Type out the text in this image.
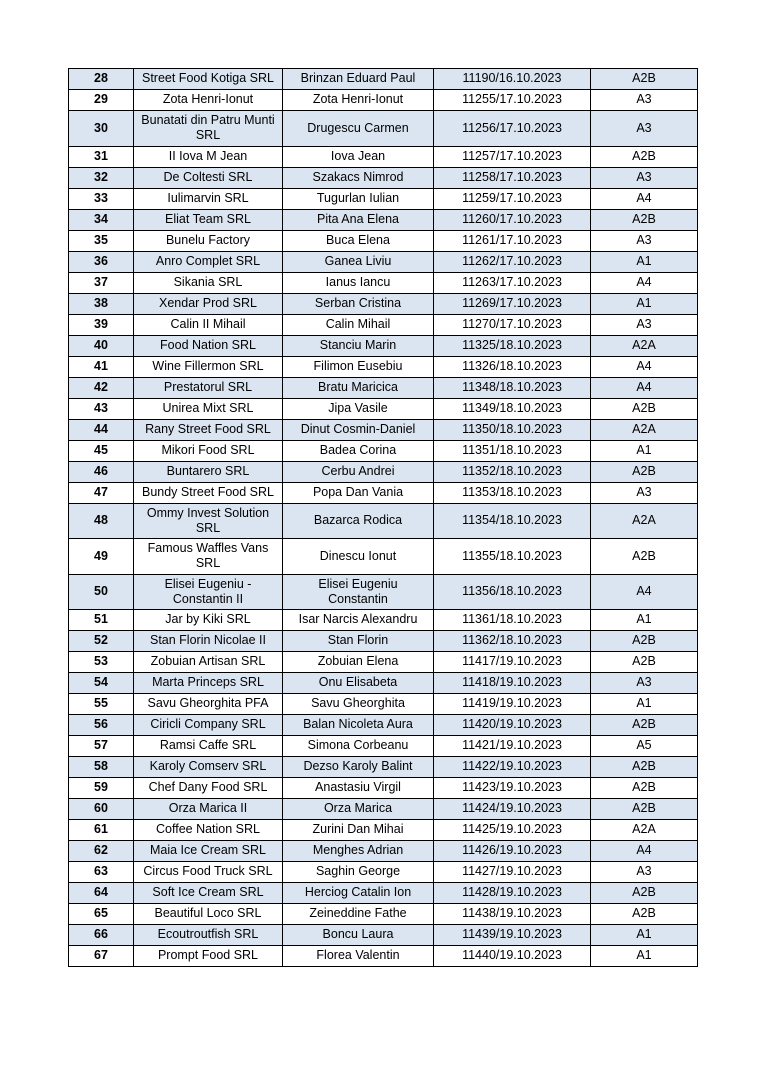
28	Street Food Kotiga SRL	Brinzan Eduard Paul	11190/16.10.2023	A2B
29	Zota Henri-Ionut	Zota Henri-Ionut	11255/17.10.2023	A3
30	Bunatati din Patru Munti SRL	Drugescu Carmen	11256/17.10.2023	A3
31	II Iova M Jean	Iova Jean	11257/17.10.2023	A2B
32	De Coltesti SRL	Szakacs Nimrod	11258/17.10.2023	A3
33	Iulimarvin SRL	Tugurlan Iulian	11259/17.10.2023	A4
34	Eliat Team SRL	Pita Ana Elena	11260/17.10.2023	A2B
35	Bunelu Factory	Buca Elena	11261/17.10.2023	A3
36	Anro Complet SRL	Ganea Liviu	11262/17.10.2023	A1
37	Sikania SRL	Ianus Iancu	11263/17.10.2023	A4
38	Xendar Prod SRL	Serban Cristina	11269/17.10.2023	A1
39	Calin II Mihail	Calin Mihail	11270/17.10.2023	A3
40	Food Nation SRL	Stanciu Marin	11325/18.10.2023	A2A
41	Wine Fillermon SRL	Filimon Eusebiu	11326/18.10.2023	A4
42	Prestatorul SRL	Bratu Maricica	11348/18.10.2023	A4
43	Unirea Mixt SRL	Jipa Vasile	11349/18.10.2023	A2B
44	Rany Street Food SRL	Dinut Cosmin-Daniel	11350/18.10.2023	A2A
45	Mikori Food SRL	Badea Corina	11351/18.10.2023	A1
46	Buntarero SRL	Cerbu Andrei	11352/18.10.2023	A2B
47	Bundy Street Food SRL	Popa Dan Vania	11353/18.10.2023	A3
48	Ommy Invest Solution SRL	Bazarca Rodica	11354/18.10.2023	A2A
49	Famous Waffles Vans SRL	Dinescu Ionut	11355/18.10.2023	A2B
50	Elisei Eugeniu - Constantin II	Elisei Eugeniu Constantin	11356/18.10.2023	A4
51	Jar by Kiki SRL	Isar Narcis Alexandru	11361/18.10.2023	A1
52	Stan Florin Nicolae II	Stan Florin	11362/18.10.2023	A2B
53	Zobuian Artisan SRL	Zobuian Elena	11417/19.10.2023	A2B
54	Marta Princeps SRL	Onu Elisabeta	11418/19.10.2023	A3
55	Savu Gheorghita PFA	Savu Gheorghita	11419/19.10.2023	A1
56	Ciricli Company SRL	Balan Nicoleta Aura	11420/19.10.2023	A2B
57	Ramsi Caffe SRL	Simona Corbeanu	11421/19.10.2023	A5
58	Karoly Comserv SRL	Dezso Karoly Balint	11422/19.10.2023	A2B
59	Chef Dany Food SRL	Anastasiu Virgil	11423/19.10.2023	A2B
60	Orza Marica II	Orza Marica	11424/19.10.2023	A2B
61	Coffee Nation SRL	Zurini Dan Mihai	11425/19.10.2023	A2A
62	Maia Ice Cream SRL	Menghes Adrian	11426/19.10.2023	A4
63	Circus Food Truck SRL	Saghin George	11427/19.10.2023	A3
64	Soft Ice Cream SRL	Herciog Catalin Ion	11428/19.10.2023	A2B
65	Beautiful Loco SRL	Zeineddine Fathe	11438/19.10.2023	A2B
66	Ecoutroutfish SRL	Boncu Laura	11439/19.10.2023	A1
67	Prompt Food SRL	Florea Valentin	11440/19.10.2023	A1
